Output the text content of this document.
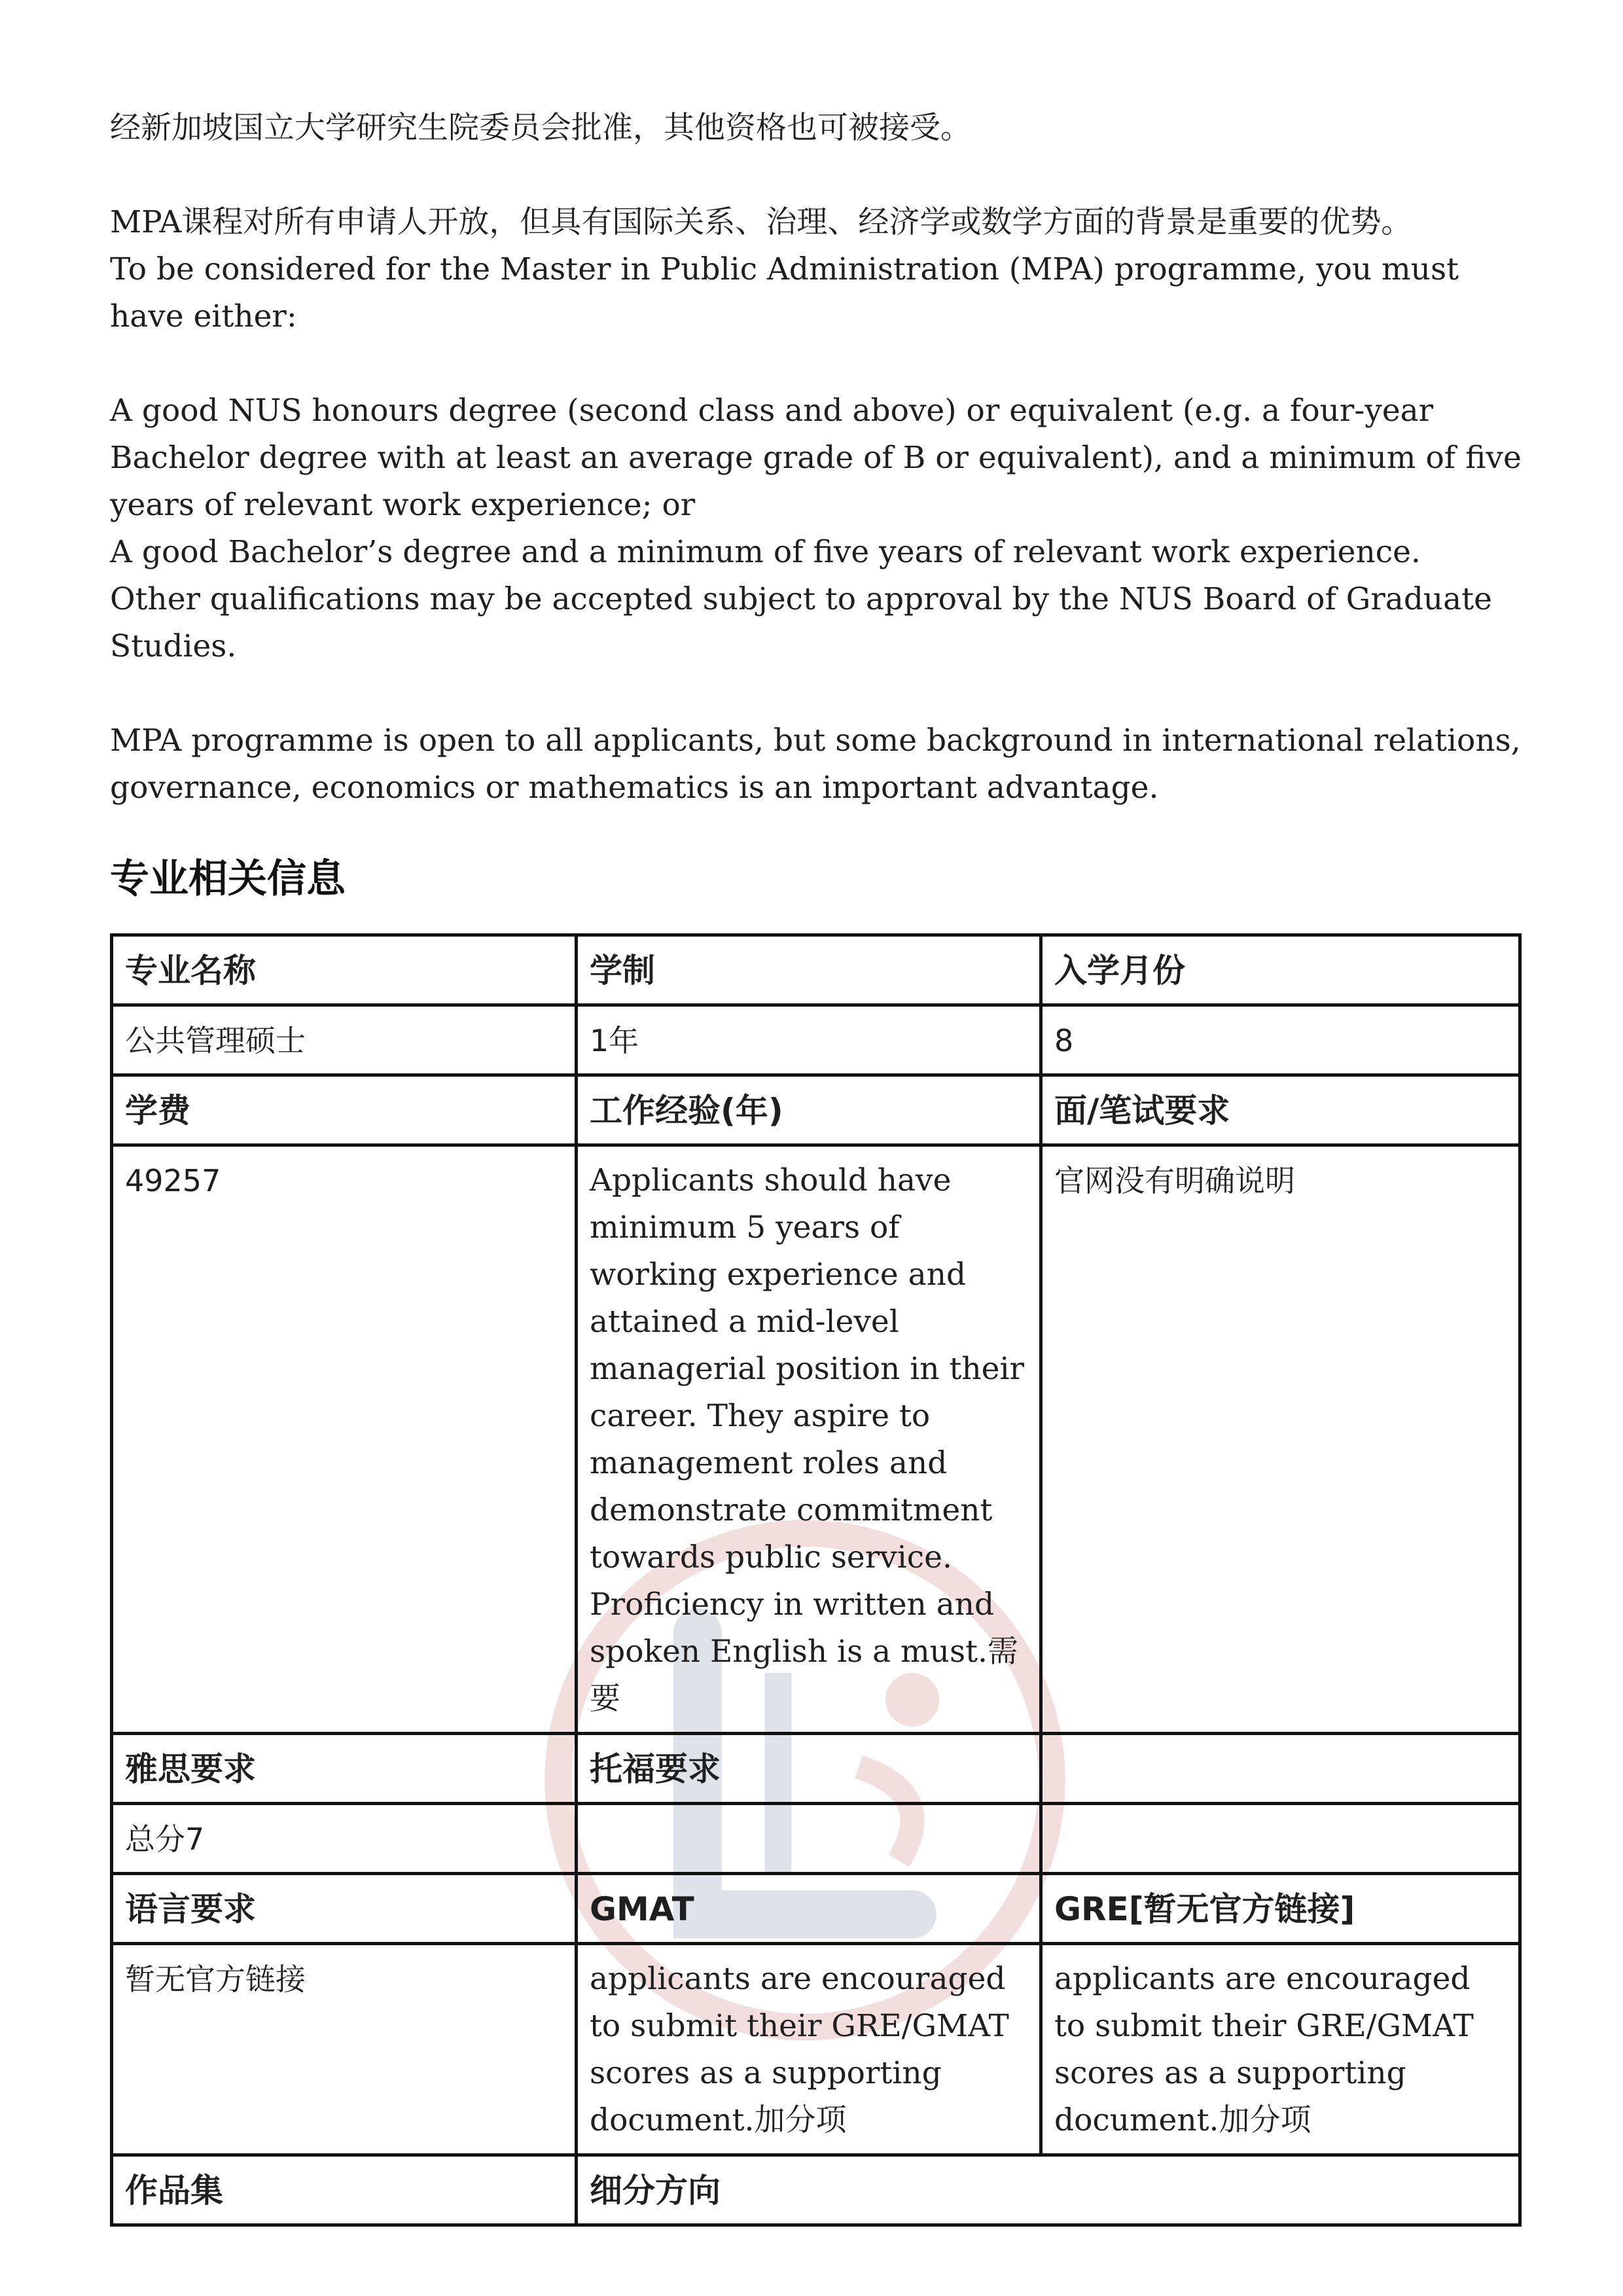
经新加坡国立大学研究生院委员会批准，其他资格也可被接受。

MPA课程对所有申请人开放，但具有国际关系、治理、经济学或数学方面的背景是重要的优势。

To be considered for the Master in Public Administration (MPA) programme, you must have either:

A good NUS honours degree (second class and above) or equivalent (e.g. a four-year Bachelor degree with at least an average grade of B or equivalent), and a minimum of five years of relevant work experience; or

A good Bachelor’s degree and a minimum of five years of relevant work experience.

Other qualifications may be accepted subject to approval by the NUS Board of Graduate Studies.

MPA programme is open to all applicants, but some background in international relations, governance, economics or mathematics is an important advantage.

专业相关信息
专业名称	学制	入学月份
公共管理硕士	1年	8
学费	工作经验(年)	面/笔试要求
49257	Applicants should have minimum 5 years of working experience and attained a mid-level managerial position in their career. They aspire to management roles and demonstrate commitment towards public service. Proficiency in written and spoken English is a must.需要	官网没有明确说明
雅思要求	托福要求	
总分7		
语言要求	GMAT	GRE[暂无官方链接]
暂无官方链接	applicants are encouraged to submit their GRE/GMAT scores as a supporting document.加分项	applicants are encouraged to submit their GRE/GMAT scores as a supporting document.加分项
作品集	细分方向	
